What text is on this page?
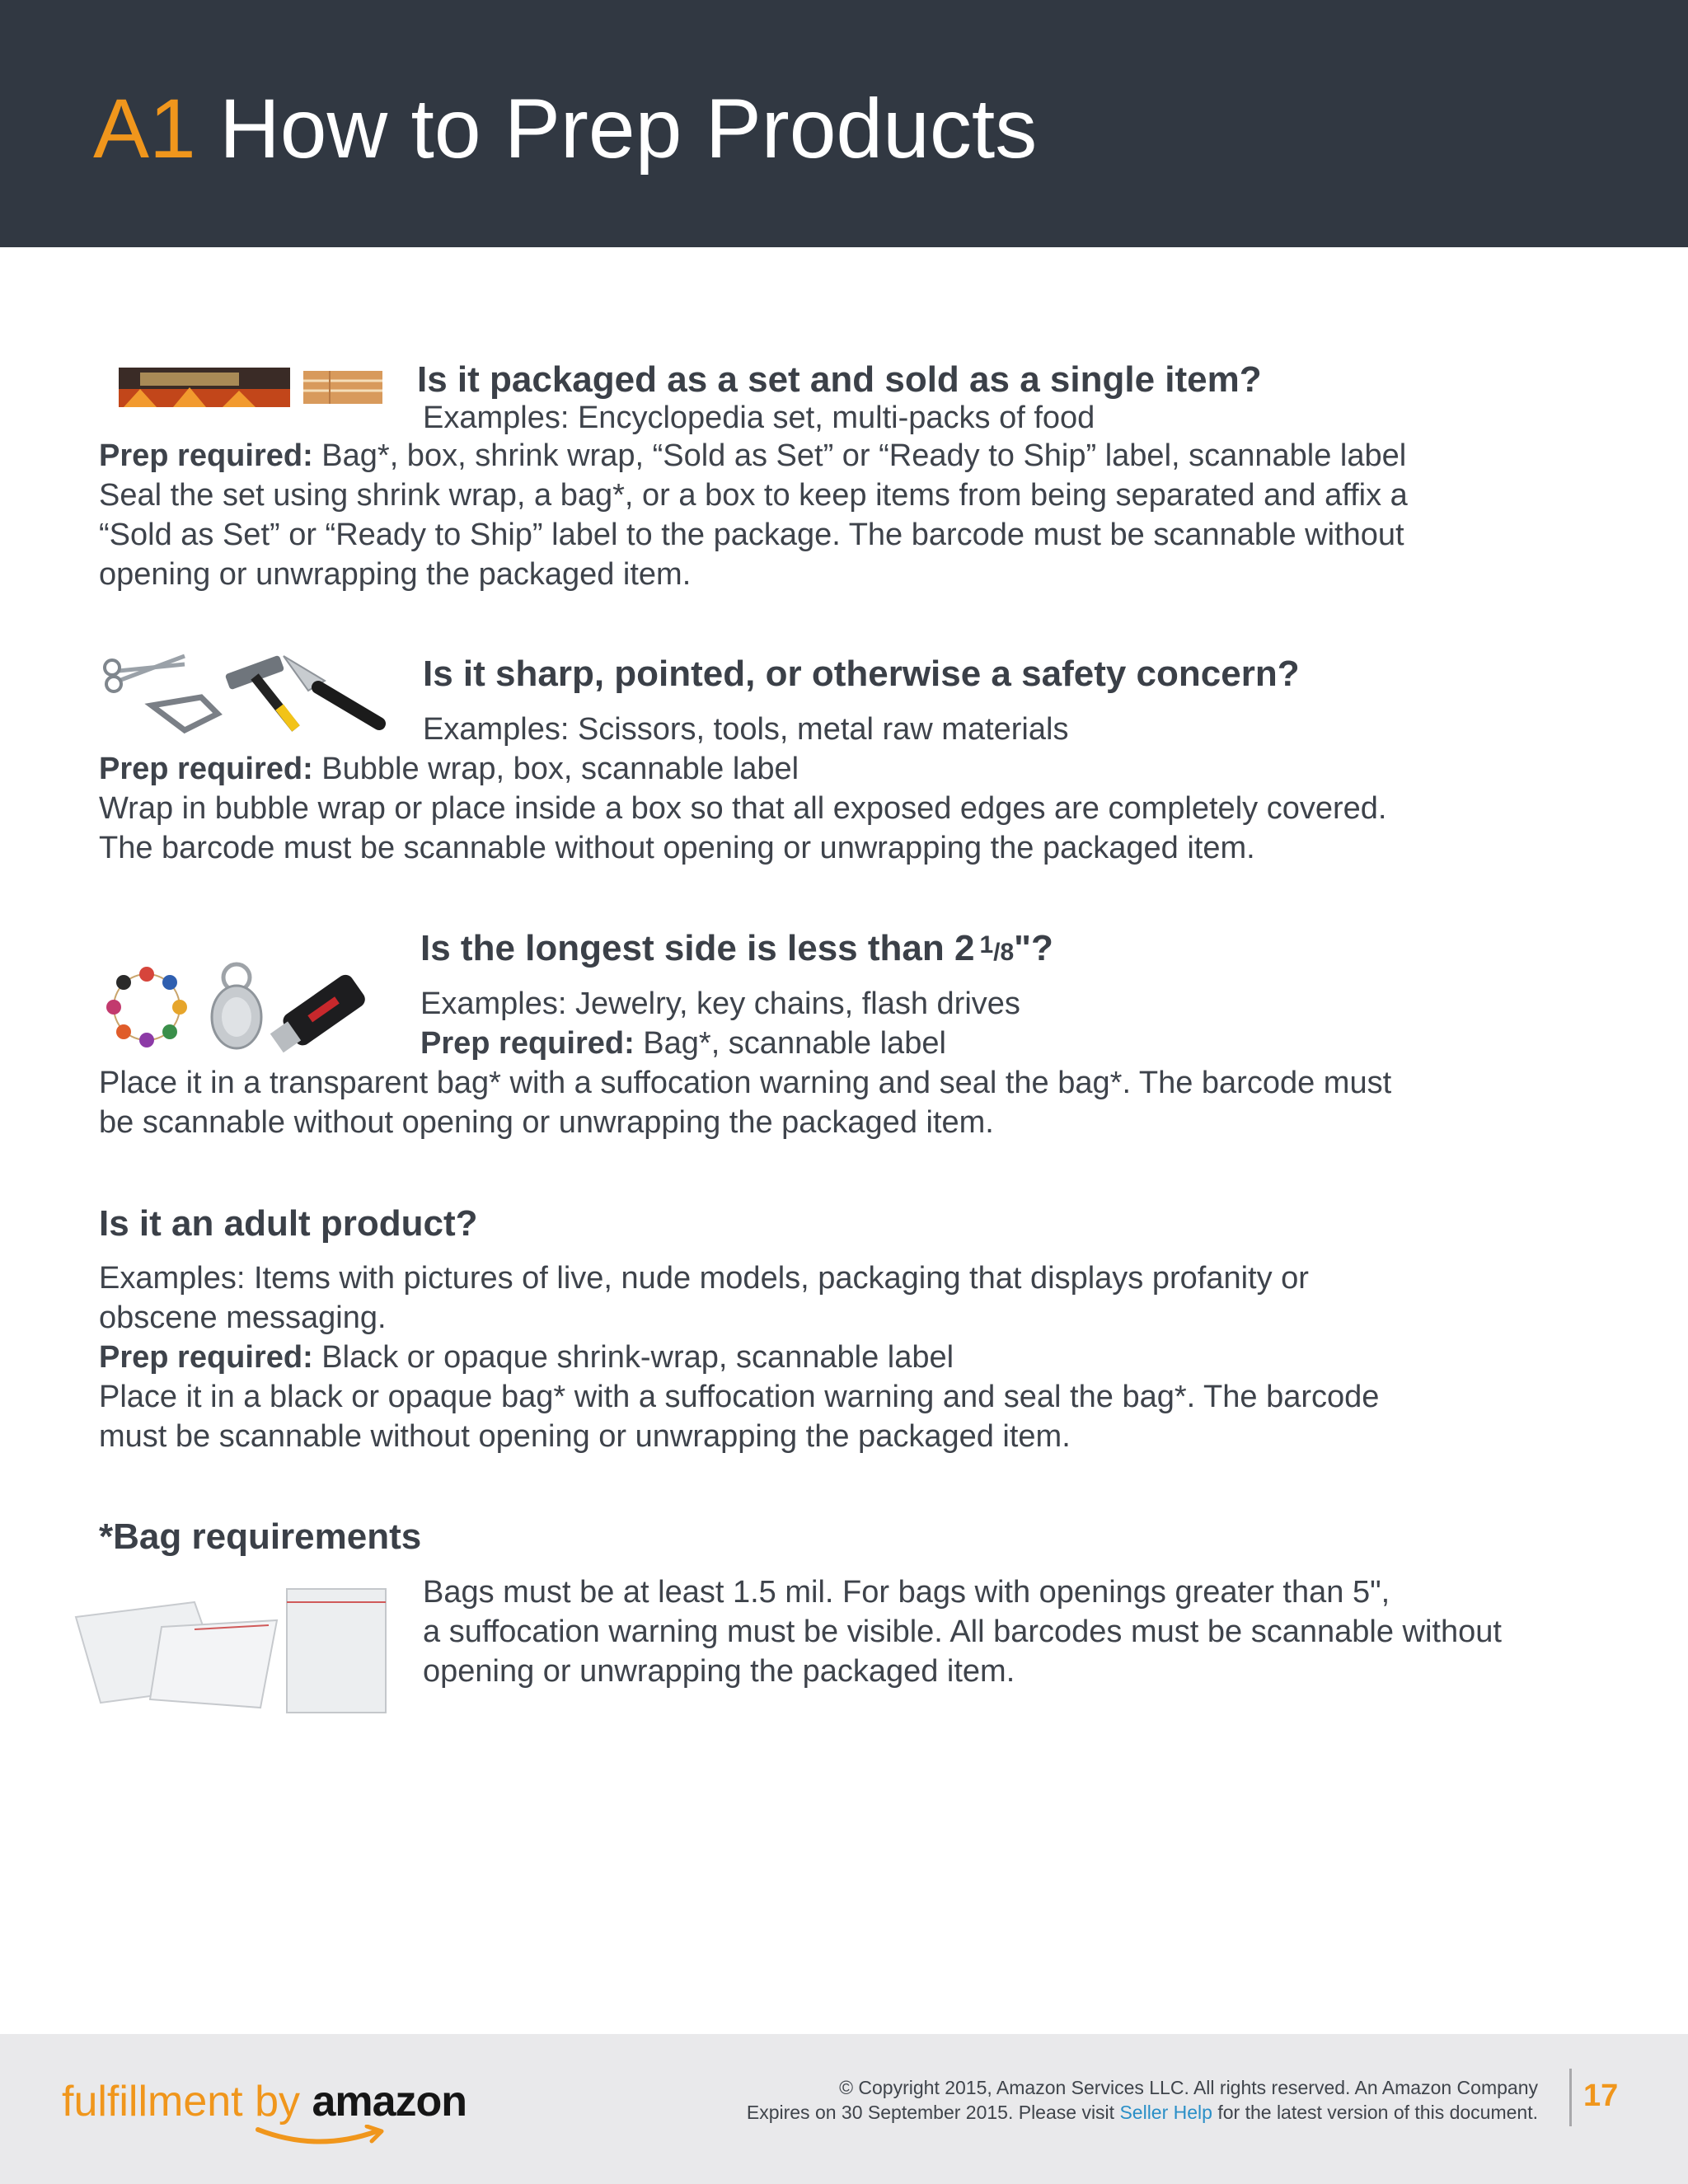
A1 How to Prep Products
Is it packaged as a set and sold as a single item?
Examples: Encyclopedia set, multi-packs of food
Prep required: Bag*, box, shrink wrap, “Sold as Set” or “Ready to Ship” label, scannable label
Seal the set using shrink wrap, a bag*, or a box to keep items from being separated and affix a
“Sold as Set” or “Ready to Ship” label to the package. The barcode must be scannable without
opening or unwrapping the packaged item.
Is it sharp, pointed, or otherwise a safety concern?
Examples: Scissors, tools, metal raw materials
Prep required: Bubble wrap, box, scannable label
Wrap in bubble wrap or place inside a box so that all exposed edges are completely covered.
The barcode must be scannable without opening or unwrapping the packaged item.
Is the longest side is less than 2 $^1$/8"?
Examples: Jewelry, key chains, flash drives
Prep required: Bag*, scannable label
Place it in a transparent bag* with a suffocation warning and seal the bag*. The barcode must
be scannable without opening or unwrapping the packaged item.
Is it an adult product?
Examples: Items with pictures of live, nude models, packaging that displays profanity or
obscene messaging.
Prep required: Black or opaque shrink-wrap, scannable label
Place it in a black or opaque bag* with a suffocation warning and seal the bag*. The barcode
must be scannable without opening or unwrapping the packaged item.
*Bag requirements
Bags must be at least 1.5 mil. For bags with openings greater than 5",
a suffocation warning must be visible. All barcodes must be scannable without
opening or unwrapping the packaged item.
fulfillment by amazon	© Copyright 2015, Amazon Services LLC. All rights reserved. An Amazon Company
Expires on 30 September 2015. Please visit Seller Help for the latest version of this document. 17
